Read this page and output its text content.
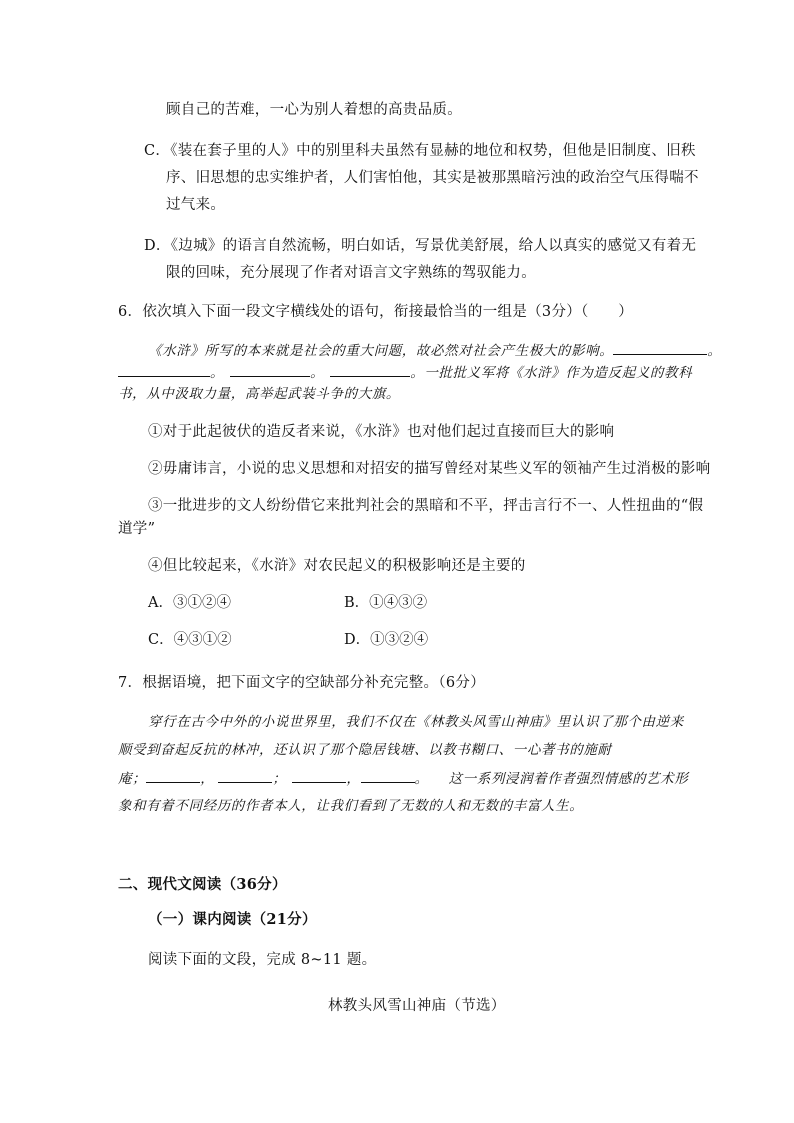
顾自己的苦难，一心为别人着想的高贵品质。
C．《装在套子里的人》中的别里科夫虽然有显赫的地位和权势，但他是旧制度、旧秩
序、旧思想的忠实维护者，人们害怕他，其实是被那黑暗污浊的政治空气压得喘不
过气来。
D．《边城》的语言自然流畅，明白如话，写景优美舒展，给人以真实的感觉又有着无
限的回味，充分展现了作者对语言文字熟练的驾驭能力。
6．依次填入下面一段文字横线处的语句，衔接最恰当的一组是（3分）（　　）
《水浒》所写的本来就是社会的重大问题，故必然对社会产生极大的影响。	。
。	。	。一批批义军将《水浒》作为造反起义的教科
书，从中汲取力量，高举起武装斗争的大旗。
①对于此起彼伏的造反者来说，《水浒》也对他们起过直接而巨大的影响
②毋庸讳言，小说的忠义思想和对招安的描写曾经对某些义军的领袖产生过消极的影响
③一批进步的文人纷纷借它来批判社会的黑暗和不平，抨击言行不一、人性扭曲的“假
道学”
④但比较起来，《水浒》对农民起义的积极影响还是主要的
A．③①②④	B．①④③②
C．④③①②	D．①③②④
7．根据语境，把下面文字的空缺部分补充完整。（6分）
穿行在古今中外的小说世界里，我们不仅在《林教头风雪山神庙》里认识了那个由逆来
顺受到奋起反抗的林冲，还认识了那个隐居钱塘、以教书糊口、一心著书的施耐
庵；	，	；	，	。 这一系列浸润着作者强烈情感的艺术形
象和有着不同经历的作者本人，让我们看到了无数的人和无数的丰富人生。
二、现代文阅读（36分）
（一）课内阅读（21分）
阅读下面的文段，完成 8~11 题。
林教头风雪山神庙（节选）
